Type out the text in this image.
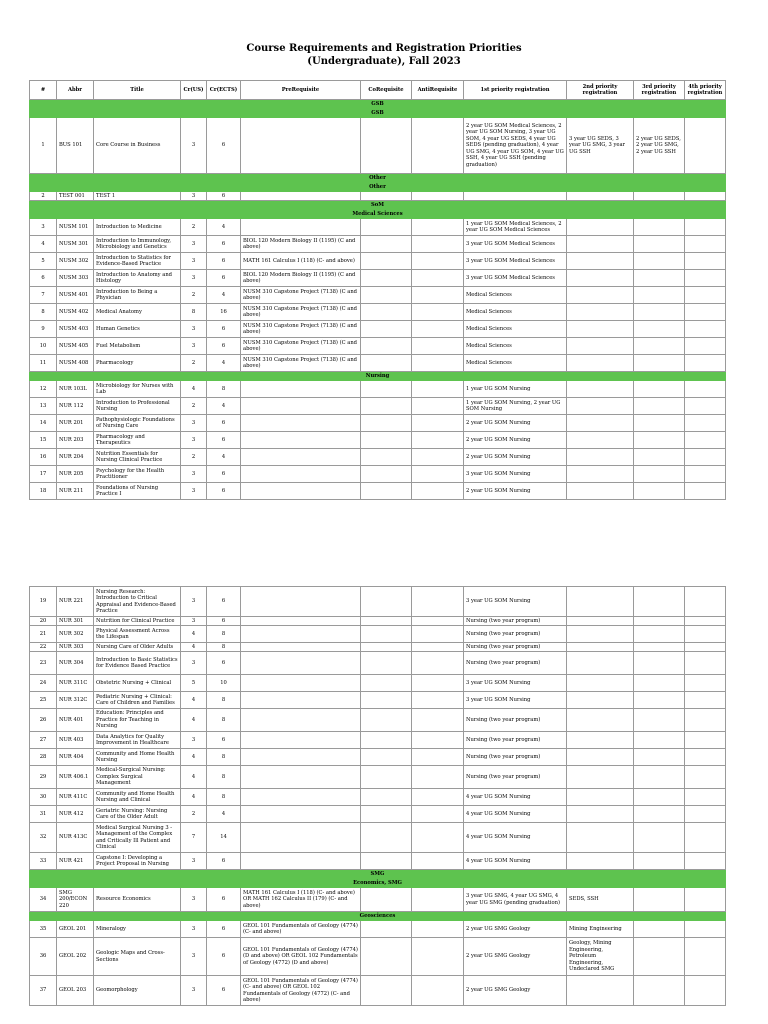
Course Requirements and Registration Priorities
(Undergraduate), Fall 2023
#	Abbr	Title	Cr(US)	Cr(ECTS)	PreRequisite	CoRequisite	AntiRequisite	1st priority registration	2nd priority registration	3rd priority registration	4th priority registration
GSB											
GSB											
1	BUS 101	Core Course in Business	3	6				2 year UG SOM Medical Sciences, 2 year UG SOM Nursing, 3 year UG SOM, 4 year UG SEDS, 4 year UG SEDS (pending graduation), 4 year UG SMG, 4 year UG SOM, 4 year UG SSH, 4 year UG SSH (pending graduation)	3 year UG SEDS, 3 year UG SMG, 3 year UG SSH	2 year UG SEDS, 2 year UG SMG, 2 year UG SSH	
Other											
Other											
2	TEST 001	TEST 1	3	6							
SoM											
Medical Sciences											
3	NUSM 101	Introduction to Medicine	2	4				1 year UG SOM Medical Sciences, 2 year UG SOM Medical Sciences			
4	NUSM 301	Introduction to Immunology, Microbiology and Genetics	3	6	BIOL 120 Modern Biology II (1195) (C and above)			3 year UG SOM Medical Sciences			
5	NUSM 302	Introduction to Statistics for Evidence-Based Practice	3	6	MATH 161 Calculus I (118) (C- and above)			3 year UG SOM Medical Sciences			
6	NUSM 303	Introduction to Anatomy and Histology	3	6	BIOL 120 Modern Biology II (1195) (C and above)			3 year UG SOM Medical Sciences			
7	NUSM 401	Introduction to Being a Physician	2	4	NUSM 310 Capstone Project (7138) (C and above)			Medical Sciences			
8	NUSM 402	Medical Anatomy	8	16	NUSM 310 Capstone Project (7138) (C and above)			Medical Sciences			
9	NUSM 403	Human Genetics	3	6	NUSM 310 Capstone Project (7138) (C and above)			Medical Sciences			
10	NUSM 405	Fuel Metabolism	3	6	NUSM 310 Capstone Project (7138) (C and above)			Medical Sciences			
11	NUSM 408	Pharmacology	2	4	NUSM 310 Capstone Project (7138) (C and above)			Medical Sciences			
Nursing											
12	NUR 103L	Microbiology for Nurses with Lab	4	8				1 year UG SOM Nursing			
13	NUR 112	Introduction to Professional Nursing	2	4				1 year UG SOM Nursing, 2 year UG SOM Nursing			
14	NUR 201	Pathophysiologic Foundations of Nursing Care	3	6				2 year UG SOM Nursing			
15	NUR 203	Pharmacology and Therapeutics	3	6				2 year UG SOM Nursing			
16	NUR 204	Nutrition Essentials for Nursing Clinical Practice	2	4				2 year UG SOM Nursing			
17	NUR 205	Psychology for the Health Practitioner	3	6				3 year UG SOM Nursing			
18	NUR 211	Foundations of Nursing Practice I	3	6				2 year UG SOM Nursing			
19	NUR 221	Nursing Research: Introduction to Critical Appraisal and Evidence-Based Practice	3	6				3 year UG SOM Nursing			
20	NUR 301	Nutrition for Clinical Practice	3	6				Nursing (two year program)			
21	NUR 302	Physical Assessment Across the Lifespan	4	8				Nursing (two year program)			
22	NUR 303	Nursing Care of Older Adults	4	8				Nursing (two year program)			
23	NUR 304	Introduction to Basic Statistics for Evidence Based Practice	3	6				Nursing (two year program)			
24	NUR 311C	Obstetric Nursing + Clinical	5	10				3 year UG SOM Nursing			
25	NUR 312C	Pediatric Nursing + Clinical: Care of Children and Families	4	8				3 year UG SOM Nursing			
26	NUR 401	Education: Principles and Practice for Teaching in Nursing	4	8				Nursing (two year program)			
27	NUR 403	Data Analytics for Quality Improvement in Healthcare	3	6				Nursing (two year program)			
28	NUR 404	Community and Home Health Nursing	4	8				Nursing (two year program)			
29	NUR 406.1	Medical-Surgical Nursing: Complex Surgical Management	4	8				Nursing (two year program)			
30	NUR 411C	Community and Home Health Nursing and Clinical	4	8				4 year UG SOM Nursing			
31	NUR 412	Geriatric Nursing: Nursing Care of the Older Adult	2	4				4 year UG SOM Nursing			
32	NUR 413C	Medical Surgical Nursing 3 - Management of the Complex and Critically Ill Patient and Clinical	7	14				4 year UG SOM Nursing			
33	NUR 421	Capstone I: Developing a Project Proposal in Nursing	3	6				4 year UG SOM Nursing			
SMG											
Economics, SMG											
34	SMG 200/ECON 220	Resource Economics	3	6	MATH 161 Calculus I (118) (C- and above) OR MATH 162 Calculus II (179) (C- and above)			3 year UG SMG, 4 year UG SMG, 4 year UG SMG (pending graduation)	SEDS, SSH		
Geosciences											
35	GEOL 201	Mineralogy	3	6	GEOL 101 Fundamentals of Geology (4774) (C- and above)			2 year UG SMG Geology	Mining Engineering		
36	GEOL 202	Geologic Maps and Cross-Sections	3	6	GEOL 101 Fundamentals of Geology (4774) (D and above) OR GEOL 102 Fundamentals of Geology (4772) (D and above)			2 year UG SMG Geology	Geology, Mining Engineering, Petroleum Engineering, Undeclared SMG		
37	GEOL 203	Geomorphology	3	6	GEOL 101 Fundamentals of Geology (4774) (C- and above) OR GEOL 102 Fundamentals of Geology (4772) (C- and above)			2 year UG SMG Geology			
